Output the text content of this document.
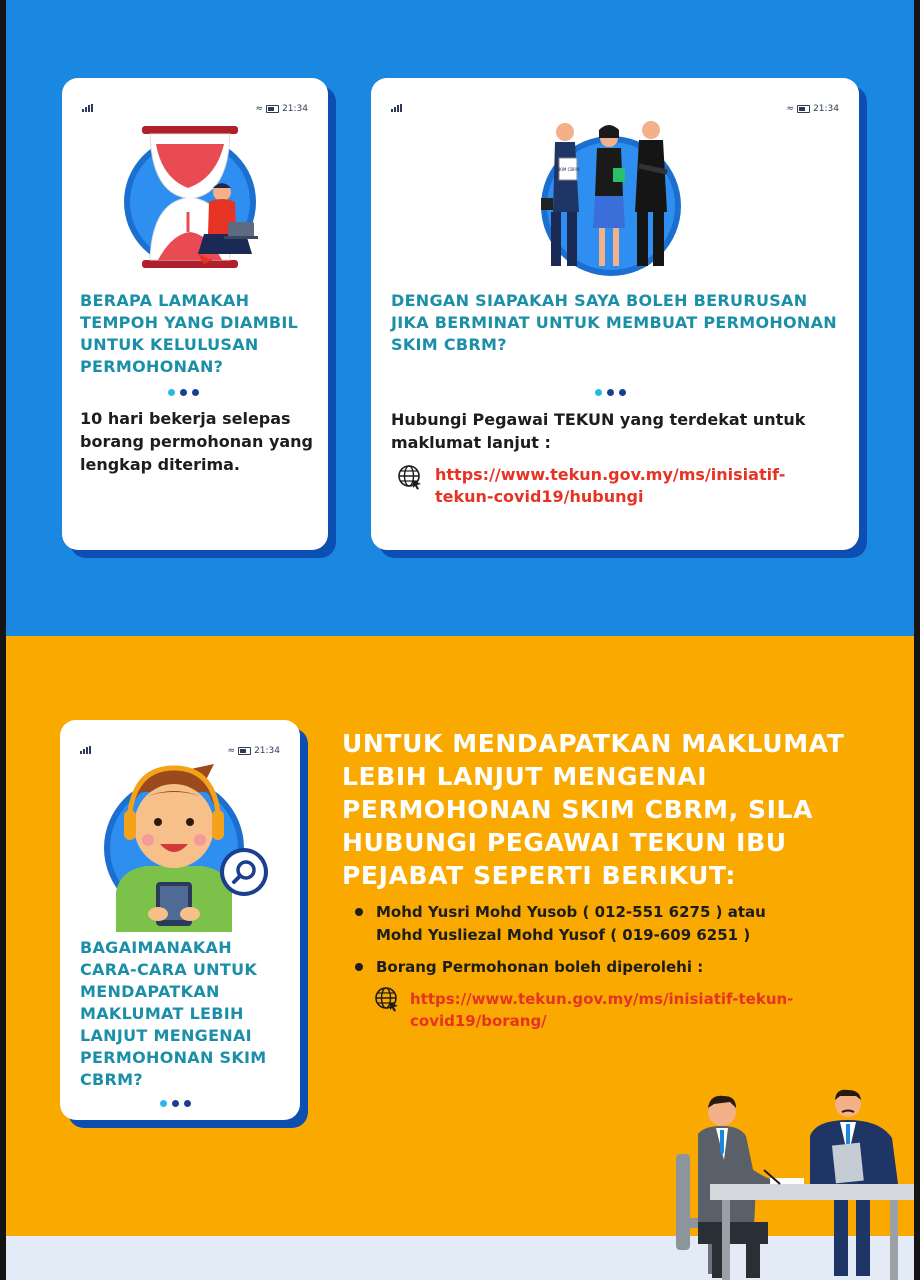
≈ 21:34

BERAPA LAMAKAH TEMPOH YANG DIAMBIL UNTUK KELULUSAN PERMOHONAN?

10 hari bekerja selepas borang permohonan yang lengkap diterima.

≈ 21:34
SKIM CBRM

DENGAN SIAPAKAH SAYA BOLEH BERURUSAN JIKA BERMINAT UNTUK MEMBUAT PERMOHONAN SKIM CBRM?

Hubungi Pegawai TEKUN yang terdekat untuk maklumat lanjut :

https://www.tekun.gov.my/ms/inisiatif-tekun-covid19/hubungi

≈ 21:34

BAGAIMANAKAH CARA-CARA UNTUK MENDAPATKAN MAKLUMAT LEBIH LANJUT MENGENAI PERMOHONAN SKIM CBRM?

UNTUK MENDAPATKAN MAKLUMAT LEBIH LANJUT MENGENAI PERMOHONAN SKIM CBRM, SILA HUBUNGI PEGAWAI TEKUN IBU PEJABAT SEPERTI BERIKUT:

Mohd Yusri Mohd Yusob ( 012-551 6275 ) atau

Mohd Yusliezal Mohd Yusof ( 019-609 6251 )

Borang Permohonan boleh diperolehi :

https://www.tekun.gov.my/ms/inisiatif-tekun-covid19/borang/
